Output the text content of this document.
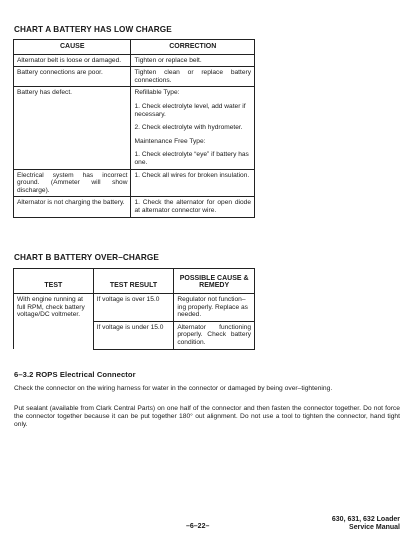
CHART A BATTERY HAS LOW CHARGE
CAUSE	CORRECTION
Alternator belt is loose or damaged.	Tighten or replace belt.
Battery connections are poor.	Tighten clean or replace battery connections.
Battery has defect.	Refillable Type:
1. Check electrolyte level, add water if necessary.
2. Check electrolyte with hydrometer.
Maintenance Free Type:
1. Check electrolyte “eye” if battery has one.

Electrical system has incorrect ground. (Ammeter will show discharge).	1. Check all wires for broken insulation.
Alternator is not charging the battery.	1. Check the alternator for open diode at alternator connector wire.
CHART B BATTERY OVER–CHARGE
TEST	TEST RESULT	POSSIBLE CAUSE & REMEDY
With engine running at full RPM, check battery voltage/DC voltmeter.	If voltage is over 15.0	Regulator not function–ing properly. Replace as needed.
	If voltage is under 15.0	Alternator functioning properly. Check battery condition.
6–3.2 ROPS Electrical Connector
Check the connector on the wiring harness for water in the connector or damaged by being over–tightening.
Put sealant (available from Clark Central Parts) on one half of the connector and then fasten the connector together. Do not force the connector together because it can be put together 180° out alignment. Do not use a tool to tighten the connector, hand tight only.
–6–22–
630, 631, 632 Loader
Service Manual
